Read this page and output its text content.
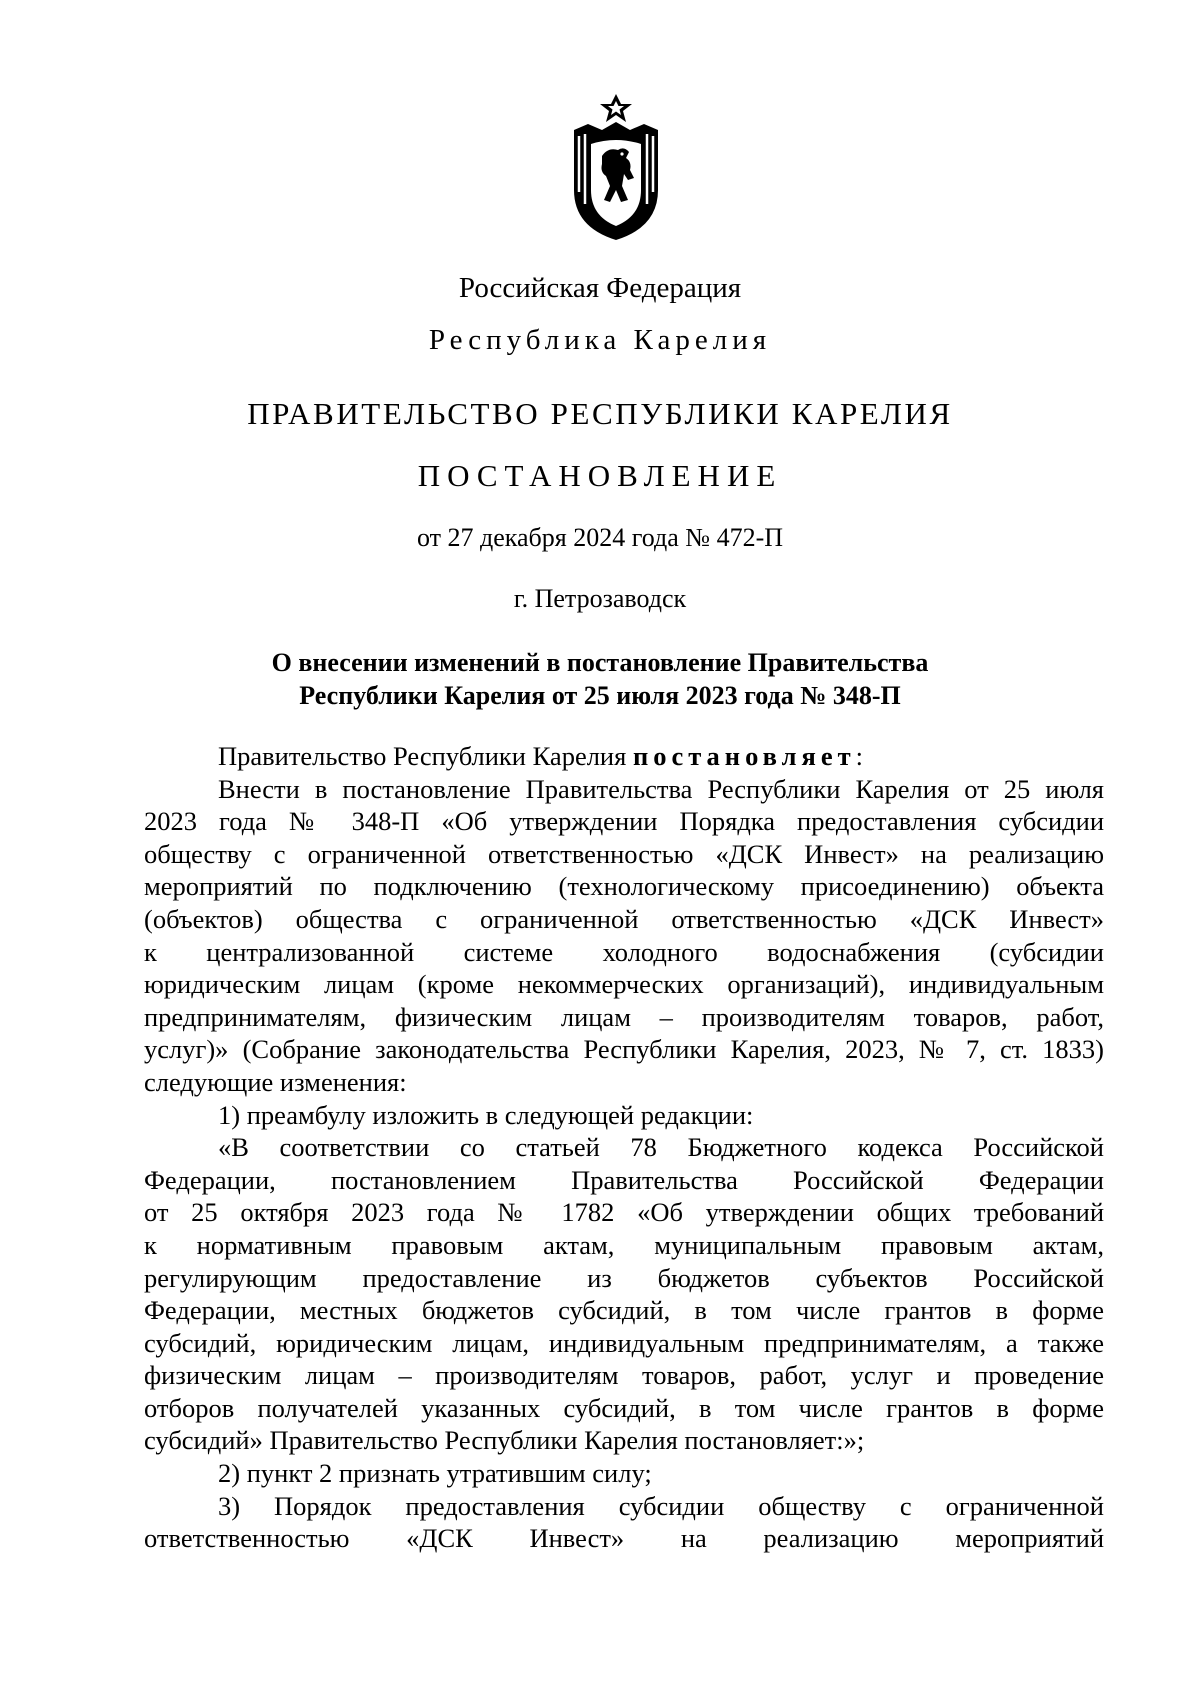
Российская Федерация
Республика Карелия
ПРАВИТЕЛЬСТВО РЕСПУБЛИКИ КАРЕЛИЯ
ПОСТАНОВЛЕНИЕ
от 27 декабря 2024 года № 472-П
г. Петрозаводск
О внесении изменений в постановление Правительства
Республики Карелия от 25 июля 2023 года № 348-П
Правительство Республики Карелия постановляет:
Внести в постановление Правительства Республики Карелия от 25 июля
2023 года № 348-П «Об утверждении Порядка предоставления субсидии
обществу с ограниченной ответственностью «ДСК Инвест» на реализацию
мероприятий по подключению (технологическому присоединению) объекта
(объектов) общества с ограниченной ответственностью «ДСК Инвест»
к централизованной системе холодного водоснабжения (субсидии
юридическим лицам (кроме некоммерческих организаций), индивидуальным
предпринимателям, физическим лицам – производителям товаров, работ,
услуг)» (Собрание законодательства Республики Карелия, 2023, № 7, ст. 1833)
следующие изменения:
1) преамбулу изложить в следующей редакции:
«В соответствии со статьей 78 Бюджетного кодекса Российской
Федерации, постановлением Правительства Российской Федерации
от 25 октября 2023 года № 1782 «Об утверждении общих требований
к нормативным правовым актам, муниципальным правовым актам,
регулирующим предоставление из бюджетов субъектов Российской
Федерации, местных бюджетов субсидий, в том числе грантов в форме
субсидий, юридическим лицам, индивидуальным предпринимателям, а также
физическим лицам – производителям товаров, работ, услуг и проведение
отборов получателей указанных субсидий, в том числе грантов в форме
субсидий» Правительство Республики Карелия постановляет:»;
2) пункт 2 признать утратившим силу;
3) Порядок предоставления субсидии обществу с ограниченной
ответственностью «ДСК Инвест» на реализацию мероприятий
